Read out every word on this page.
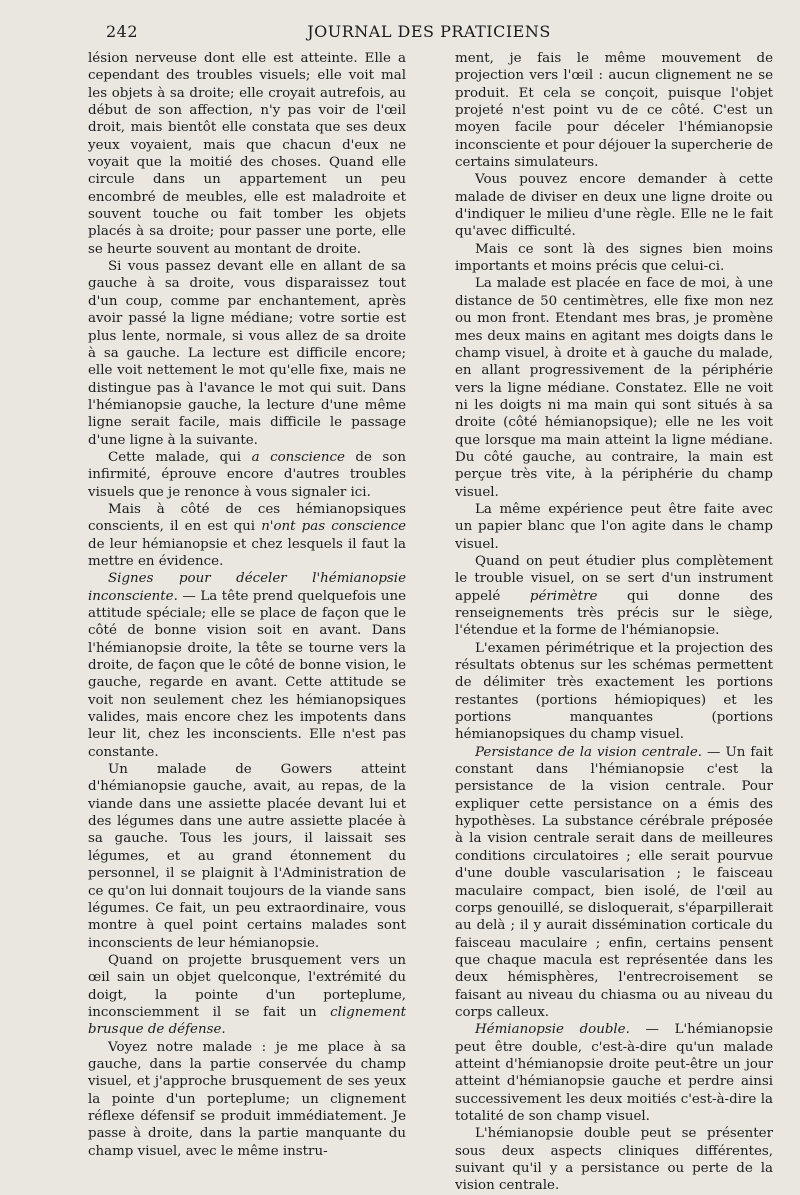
242	JOURNAL DES PRATICIENS

lésion nerveuse dont elle est atteinte. Elle a cependant des troubles visuels; elle voit mal les objets à sa droite; elle croyait autrefois, au début de son affection, n'y pas voir de l'œil droit, mais bientôt elle constata que ses deux yeux voyaient, mais que chacun d'eux ne voyait que la moitié des choses. Quand elle circule dans un appartement un peu encombré de meubles, elle est maladroite et souvent touche ou fait tomber les objets placés à sa droite; pour passer une porte, elle se heurte souvent au montant de droite.

Si vous passez devant elle en allant de sa gauche à sa droite, vous disparaissez tout d'un coup, comme par enchantement, après avoir passé la ligne médiane; votre sortie est plus lente, normale, si vous allez de sa droite à sa gauche. La lecture est difficile encore; elle voit nettement le mot qu'elle fixe, mais ne distingue pas à l'avance le mot qui suit. Dans l'hémianopsie gauche, la lecture d'une même ligne serait facile, mais difficile le passage d'une ligne à la suivante.

Cette malade, qui a conscience de son infirmité, éprouve encore d'autres troubles visuels que je renonce à vous signaler ici.

Mais à côté de ces hémianopsiques conscients, il en est qui n'ont pas conscience de leur hémianopsie et chez lesquels il faut la mettre en évidence.

Signes pour déceler l'hémianopsie inconsciente. — La tête prend quelquefois une attitude spéciale; elle se place de façon que le côté de bonne vision soit en avant. Dans l'hémianopsie droite, la tête se tourne vers la droite, de façon que le côté de bonne vision, le gauche, regarde en avant. Cette attitude se voit non seulement chez les hémianopsiques valides, mais encore chez les impotents dans leur lit, chez les inconscients. Elle n'est pas constante.

Un malade de Gowers atteint d'hémianopsie gauche, avait, au repas, de la viande dans une assiette placée devant lui et des légumes dans une autre assiette placée à sa gauche. Tous les jours, il laissait ses légumes, et au grand étonnement du personnel, il se plaignit à l'Administration de ce qu'on lui donnait toujours de la viande sans légumes. Ce fait, un peu extraordinaire, vous montre à quel point certains malades sont inconscients de leur hémianopsie.

Quand on projette brusquement vers un œil sain un objet quelconque, l'extrémité du doigt, la pointe d'un porteplume, inconsciemment il se fait un clignement brusque de défense.

Voyez notre malade : je me place à sa gauche, dans la partie conservée du champ visuel, et j'approche brusquement de ses yeux la pointe d'un porteplume; un clignement réflexe défensif se produit immédiatement. Je passe à droite, dans la partie manquante du champ visuel, avec le même instru-

ment, je fais le même mouvement de projection vers l'œil : aucun clignement ne se produit. Et cela se conçoit, puisque l'objet projeté n'est point vu de ce côté. C'est un moyen facile pour déceler l'hémianopsie inconsciente et pour déjouer la supercherie de certains simulateurs.

Vous pouvez encore demander à cette malade de diviser en deux une ligne droite ou d'indiquer le milieu d'une règle. Elle ne le fait qu'avec difficulté.

Mais ce sont là des signes bien moins importants et moins précis que celui-ci.

La malade est placée en face de moi, à une distance de 50 centimètres, elle fixe mon nez ou mon front. Etendant mes bras, je promène mes deux mains en agitant mes doigts dans le champ visuel, à droite et à gauche du malade, en allant progressivement de la périphérie vers la ligne médiane. Constatez. Elle ne voit ni les doigts ni ma main qui sont situés à sa droite (côté hémianopsique); elle ne les voit que lorsque ma main atteint la ligne médiane. Du côté gauche, au contraire, la main est perçue très vite, à la périphérie du champ visuel.

La même expérience peut être faite avec un papier blanc que l'on agite dans le champ visuel.

Quand on peut étudier plus complètement le trouble visuel, on se sert d'un instrument appelé périmètre qui donne des renseignements très précis sur le siège, l'étendue et la forme de l'hémianopsie.

L'examen périmétrique et la projection des résultats obtenus sur les schémas permettent de délimiter très exactement les portions restantes (portions hémiopiques) et les portions manquantes (portions hémianopsiques du champ visuel.

Persistance de la vision centrale. — Un fait constant dans l'hémianopsie c'est la persistance de la vision centrale. Pour expliquer cette persistance on a émis des hypothèses. La substance cérébrale préposée à la vision centrale serait dans de meilleures conditions circulatoires ; elle serait pourvue d'une double vascularisation ; le faisceau maculaire compact, bien isolé, de l'œil au corps genouillé, se disloquerait, s'éparpillerait au delà ; il y aurait dissémination corticale du faisceau maculaire ; enfin, certains pensent que chaque macula est représentée dans les deux hémisphères, l'entrecroisement se faisant au niveau du chiasma ou au niveau du corps calleux.

Hémianopsie double. — L'hémianopsie peut être double, c'est-à-dire qu'un malade atteint d'hémianopsie droite peut-être un jour atteint d'hémianopsie gauche et perdre ainsi successivement les deux moitiés c'est-à-dire la totalité de son champ visuel.

L'hémianopsie double peut se présenter sous deux aspects cliniques différentes, suivant qu'il y a persistance ou perte de la vision centrale.
